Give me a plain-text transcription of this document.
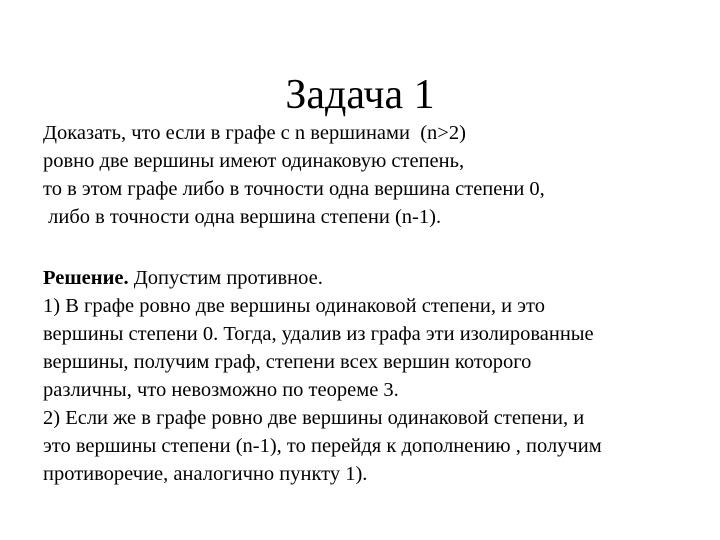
Задача 1
Доказать, что если в графе с n вершинами  (n>2)
ровно две вершины имеют одинаковую степень,
то в этом графе либо в точности одна вершина степени 0,
либо в точности одна вершина степени (n-1).
Решение. Допустим противное.
1) В графе ровно две вершины одинаковой степени, и это
вершины степени 0. Тогда, удалив из графа эти изолированные
вершины, получим граф, степени всех вершин которого
различны, что невозможно по теореме 3.
2) Если же в графе ровно две вершины одинаковой степени, и
это вершины степени (n-1), то перейдя к дополнению , получим
противоречие, аналогично пункту 1).
